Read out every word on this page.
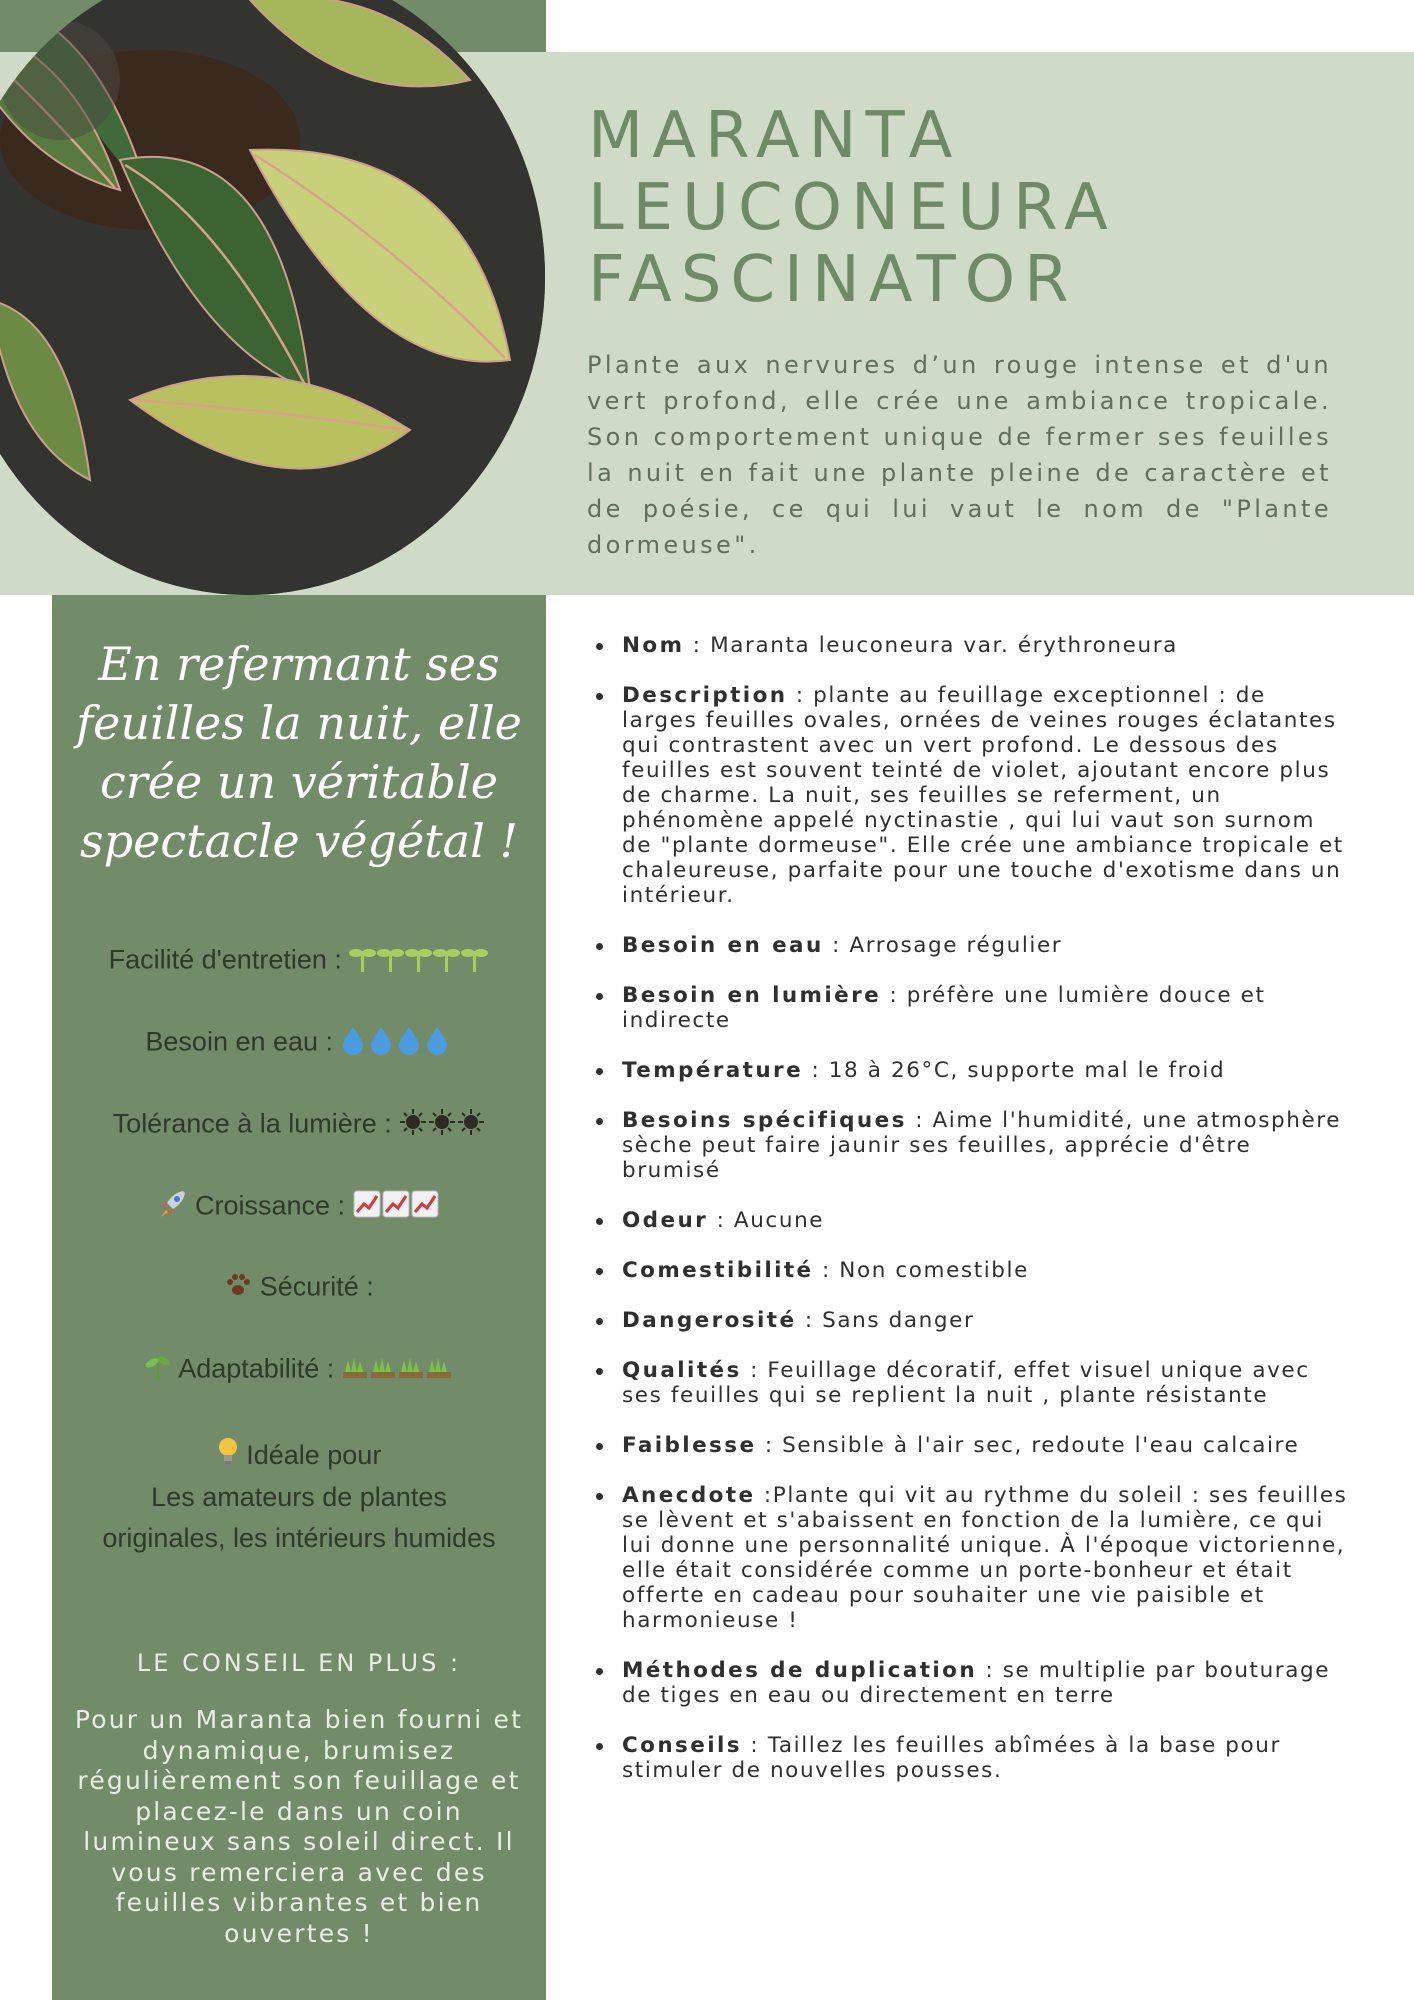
MARANTA
LEUCONEURA
FASCINATOR

Plante aux nervures d’un rouge intense et d'un vert profond, elle crée une ambiance tropicale. Son comportement unique de fermer ses feuilles la nuit en fait une plante pleine de caractère et de poésie, ce qui lui vaut le nom de "Plante dormeuse".

En refermant ses
feuilles la nuit, elle
crée un véritable
spectacle végétal !

Facilité d'entretien :
Besoin en eau :
Tolérance à la lumière :
Croissance :
Sécurité :
Adaptabilité :
Idéale pour
Les amateurs de plantes
originales, les intérieurs humides
LE CONSEIL EN PLUS :
Pour un Maranta bien fourni et dynamique, brumisez régulièrement son feuillage et placez-le dans un coin lumineux sans soleil direct. Il vous remerciera avec des feuilles vibrantes et bien ouvertes !
Nom : Maranta leuconeura var. érythroneura
Description : plante au feuillage exceptionnel : de larges feuilles ovales, ornées de veines rouges éclatantes qui contrastent avec un vert profond. Le dessous des feuilles est souvent teinté de violet, ajoutant encore plus de charme. La nuit, ses feuilles se referment, un phénomène appelé nyctinastie , qui lui vaut son surnom de "plante dormeuse". Elle crée une ambiance tropicale et chaleureuse, parfaite pour une touche d'exotisme dans un intérieur.
Besoin en eau : Arrosage régulier
Besoin en lumière : préfère une lumière douce et indirecte
Température : 18 à 26°C, supporte mal le froid
Besoins spécifiques : Aime l'humidité, une atmosphère sèche peut faire jaunir ses feuilles, apprécie d'être brumisé
Odeur : Aucune
Comestibilité : Non comestible
Dangerosité : Sans danger
Qualités : Feuillage décoratif, effet visuel unique avec ses feuilles qui se replient la nuit , plante résistante
Faiblesse : Sensible à l'air sec, redoute l'eau calcaire
Anecdote :Plante qui vit au rythme du soleil : ses feuilles se lèvent et s'abaissent en fonction de la lumière, ce qui lui donne une personnalité unique. À l'époque victorienne, elle était considérée comme un porte-bonheur et était offerte en cadeau pour souhaiter une vie paisible et harmonieuse !
Méthodes de duplication : se multiplie par bouturage de tiges en eau ou directement en terre
Conseils : Taillez les feuilles abîmées à la base pour stimuler de nouvelles pousses.
